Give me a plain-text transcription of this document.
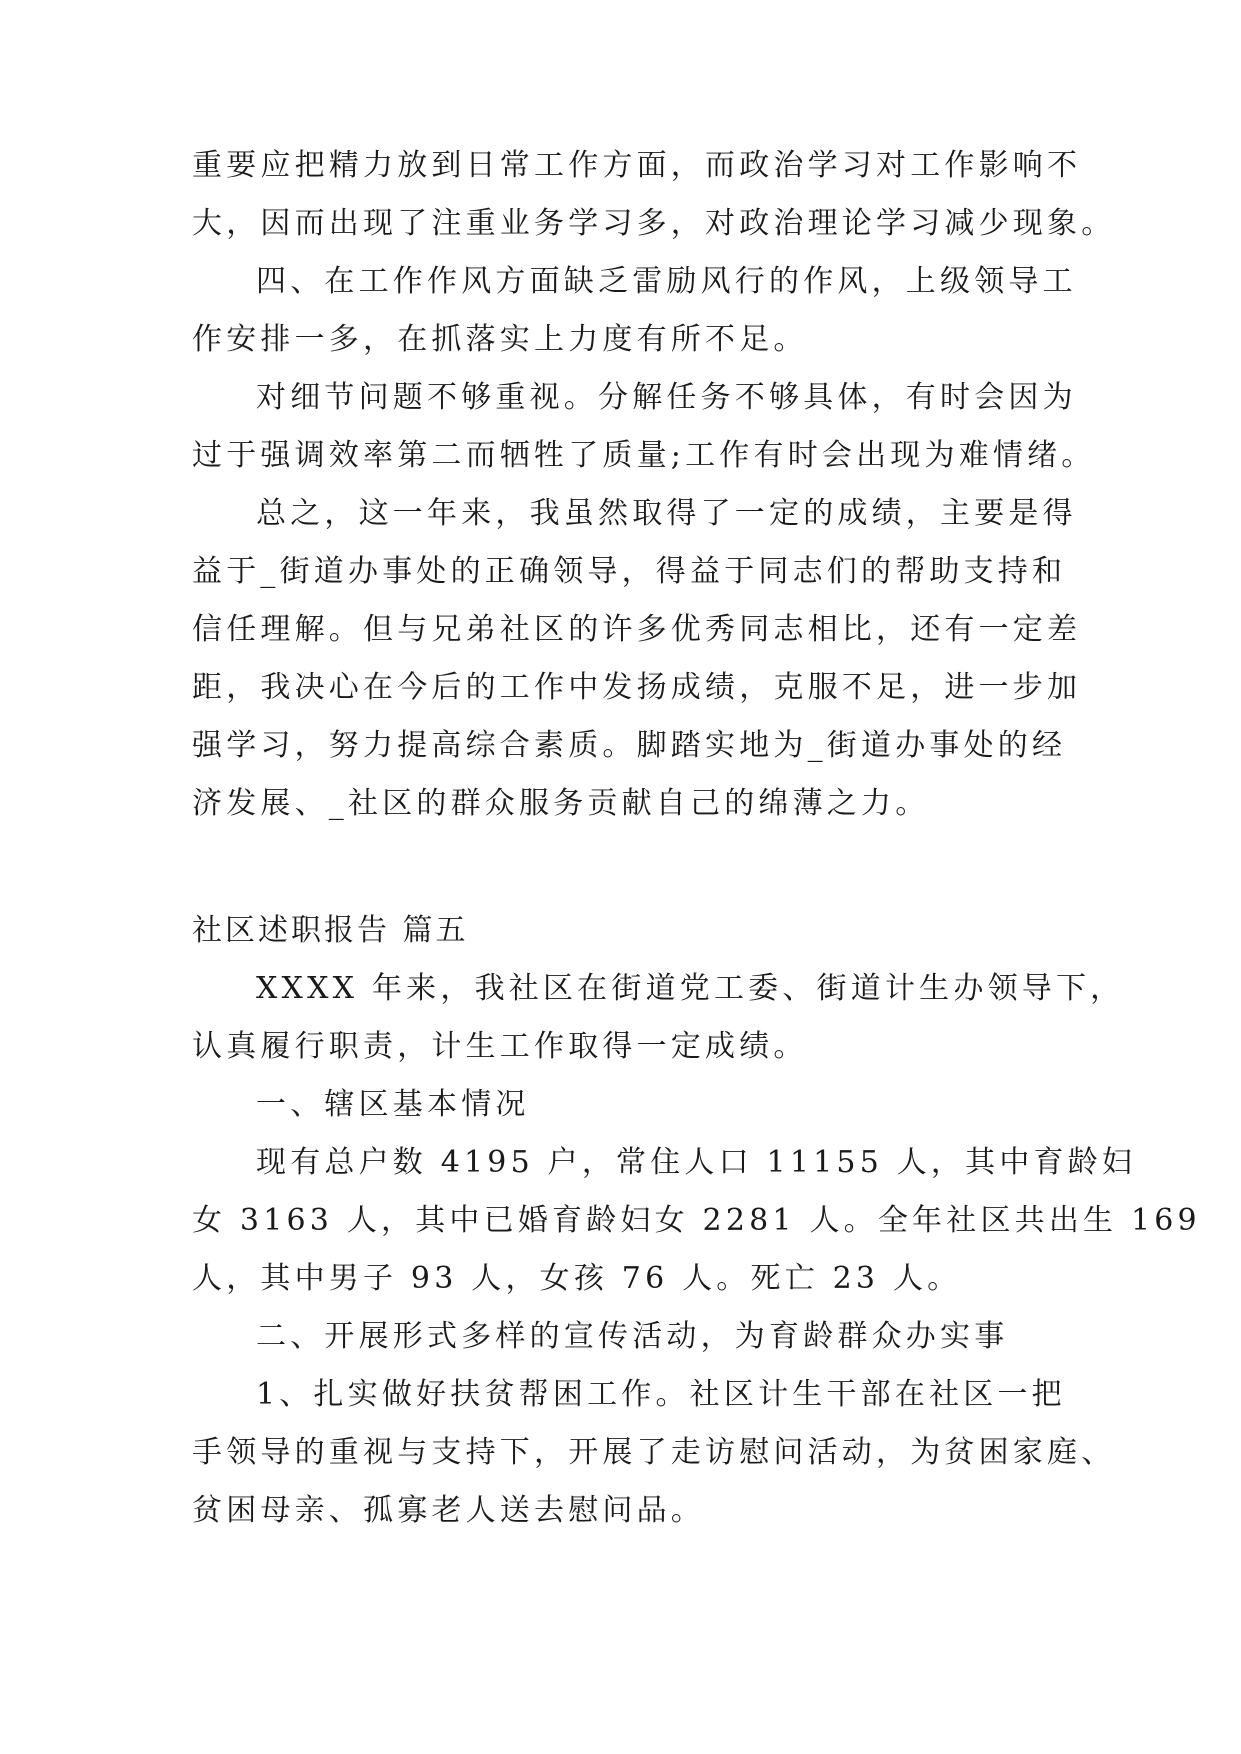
重要应把精力放到日常工作方面，而政治学习对工作影响不
大，因而出现了注重业务学习多，对政治理论学习减少现象。
四、在工作作风方面缺乏雷励风行的作风，上级领导工
作安排一多，在抓落实上力度有所不足。
对细节问题不够重视。分解任务不够具体，有时会因为
过于强调效率第二而牺牲了质量;工作有时会出现为难情绪。
总之，这一年来，我虽然取得了一定的成绩，主要是得
益于_街道办事处的正确领导，得益于同志们的帮助支持和
信任理解。但与兄弟社区的许多优秀同志相比，还有一定差
距，我决心在今后的工作中发扬成绩，克服不足，进一步加
强学习，努力提高综合素质。脚踏实地为_街道办事处的经
济发展、_社区的群众服务贡献自己的绵薄之力。
社区述职报告 篇五
XXXX 年来，我社区在街道党工委、街道计生办领导下，
认真履行职责，计生工作取得一定成绩。
一、辖区基本情况
现有总户数 4195 户，常住人口 11155 人，其中育龄妇
女 3163 人，其中已婚育龄妇女 2281 人。全年社区共出生 169
人，其中男子 93 人，女孩 76 人。死亡 23 人。
二、开展形式多样的宣传活动，为育龄群众办实事
1、扎实做好扶贫帮困工作。社区计生干部在社区一把
手领导的重视与支持下，开展了走访慰问活动，为贫困家庭、
贫困母亲、孤寡老人送去慰问品。
